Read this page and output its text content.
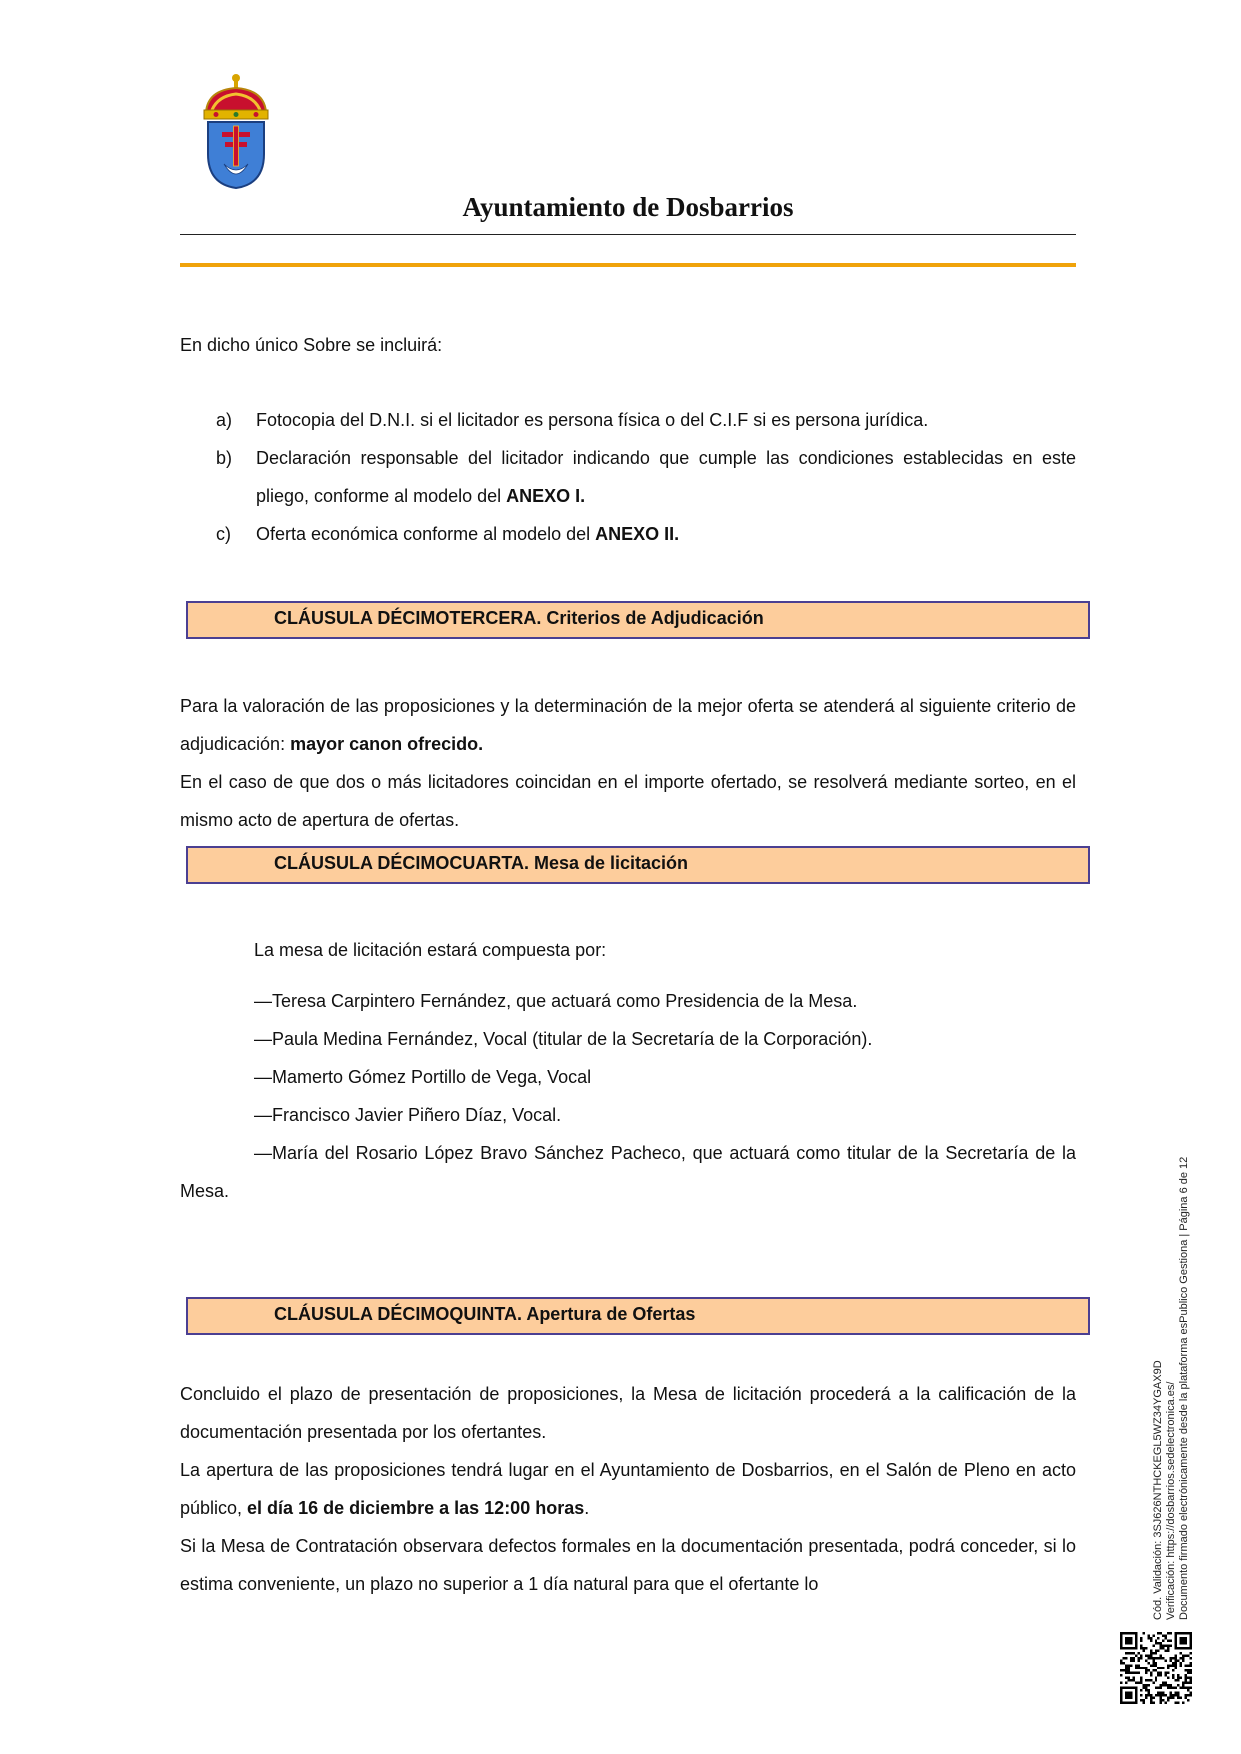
Ayuntamiento de Dosbarrios
En dicho único Sobre se incluirá:
a) Fotocopia del D.N.I. si el licitador es persona física o del C.I.F si es persona jurídica.
b) Declaración responsable del licitador indicando que cumple las condiciones establecidas en este pliego, conforme al modelo del ANEXO I.
c) Oferta económica conforme al modelo del ANEXO II.
CLÁUSULA DÉCIMOTERCERA. Criterios de Adjudicación
Para la valoración de las proposiciones y la determinación de la mejor oferta se atenderá al siguiente criterio de adjudicación: mayor canon ofrecido.
En el caso de que dos o más licitadores coincidan en el importe ofertado, se resolverá mediante sorteo, en el mismo acto de apertura de ofertas.
CLÁUSULA DÉCIMOCUARTA. Mesa de licitación
La mesa de licitación estará compuesta por:
—Teresa Carpintero Fernández, que actuará como Presidencia de la Mesa.
—Paula Medina Fernández, Vocal (titular de la Secretaría de la Corporación).
—Mamerto Gómez Portillo de Vega, Vocal
—Francisco Javier Piñero Díaz, Vocal.
—María del Rosario López Bravo Sánchez Pacheco, que actuará como titular de la Secretaría de la Mesa.
CLÁUSULA DÉCIMOQUINTA. Apertura de Ofertas
Concluido el plazo de presentación de proposiciones, la Mesa de licitación procederá a la calificación de la documentación presentada por los ofertantes.
La apertura de las proposiciones tendrá lugar en el Ayuntamiento de Dosbarrios, en el Salón de Pleno en acto público, el día 16 de diciembre a las 12:00 horas.
Si la Mesa de Contratación observara defectos formales en la documentación presentada, podrá conceder, si lo estima conveniente, un plazo no superior a 1 día natural para que el ofertante lo	Cód. Validación: 3SJ626NTHCKEGL5WZ34YGAX9D Verificación: https://dosbarrios.sedelectronica.es/ Documento firmado electrónicamente desde la plataforma esPublico Gestiona | Página 6 de 12
